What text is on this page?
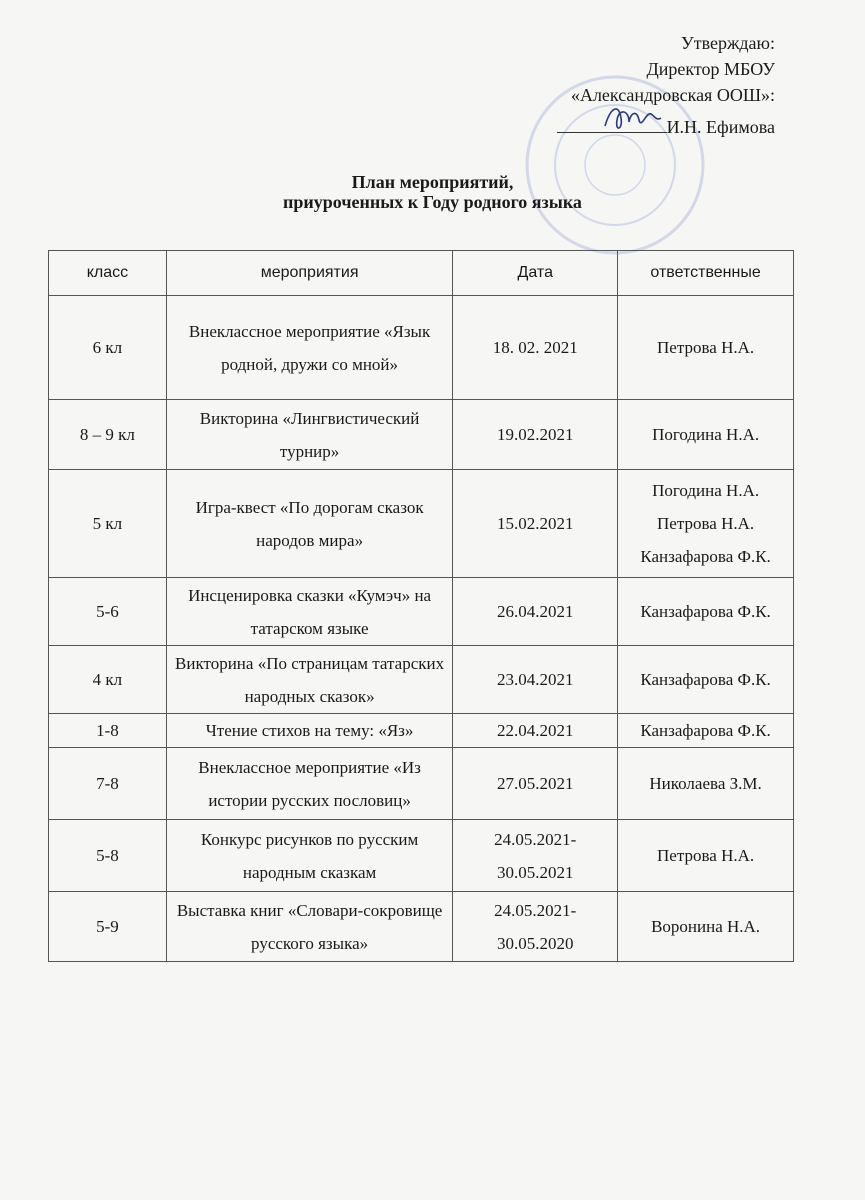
Утверждаю:
Директор МБОУ
«Александровская ООШ»:
И.Н. Ефимова
План мероприятий,
приуроченных к Году родного языка
класс	мероприятия	Дата	ответственные
6 кл	Внеклассное мероприятие «Язык родной, дружи со мной»	18. 02. 2021	Петрова Н.А.

8 – 9 кл	Викторина «Лингвистический турнир»	19.02.2021	Погодина Н.А.

5 кл	Игра-квест «По дорогам сказок народов мира»	15.02.2021	Погодина Н.А.
Петрова Н.А.
Канзафарова Ф.К.

5-6	Инсценировка сказки «Кумэч» на татарском языке	26.04.2021	Канзафарова Ф.К.

4 кл	Викторина «По страницам татарских народных сказок»	23.04.2021	Канзафарова Ф.К.

1-8	Чтение стихов на тему: «Яз»	22.04.2021	Канзафарова Ф.К.

7-8	Внеклассное мероприятие «Из истории русских пословиц»	27.05.2021	Николаева З.М.

5-8	Конкурс рисунков по русским народным сказкам	24.05.2021-30.05.2021	Петрова Н.А.

5-9	Выставка книг «Словари-сокровище русского языка»	24.05.2021-30.05.2020	Воронина Н.А.
